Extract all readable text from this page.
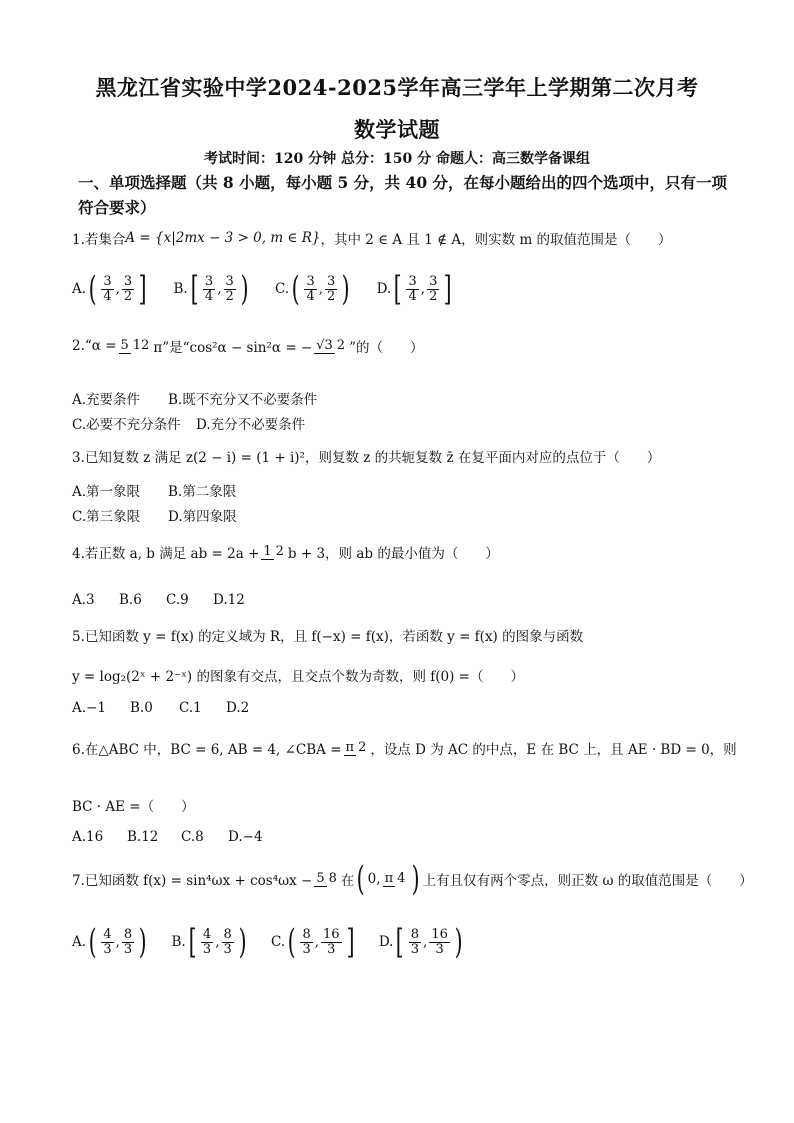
黑龙江省实验中学2024-2025学年高三学年上学期第二次月考
数学试题
考试时间：120 分钟 总分：150 分 命题人：高三数学备课组
一、单项选择题（共 8 小题，每小题 5 分，共 40 分，在每小题给出的四个选项中，只有一项符合要求）
1.若集合 A = {x|2mx − 3 > 0, m ∈ R} ，其中 2 ∈ A 且 1 ∉ A，则实数 m 的取值范围是（　　）
A. ( $\frac{3}{4}$ , $\frac{3}{2}$ ] B. [ $\frac{3}{4}$ , $\frac{3}{2}$ ) C. ( $\frac{3}{4}$ , $\frac{3}{2}$ ) D. [ $\frac{3}{4}$ , $\frac{3}{2}$ ]
2.“α = 5 12 π”是“cos²α − sin²α = − √3 2 ”的（　　）
A.充要条件	B.既不充分又不必要条件
C.必要不充分条件	D.充分不必要条件
3.已知复数 z 满足 z(2 − i) = (1 + i)²，则复数 z 的共轭复数 z̄ 在复平面内对应的点位于（　　）
A.第一象限	B.第二象限
C.第三象限	D.第四象限
4.若正数 a, b 满足 ab = 2a + 1 2 b + 3，则 ab 的最小值为（　　）
A.3	B.6	C.9	D.12
5.已知函数 y = f(x) 的定义域为 R，且 f(−x) = f(x)，若函数 y = f(x) 的图象与函数
y = log₂(2ˣ + 2⁻ˣ) 的图象有交点，且交点个数为奇数，则 f(0) =（　　）
A.−1	B.0	C.1	D.2
6.在△ABC 中，BC = 6, AB = 4, ∠CBA = π 2 ，设点 D 为 AC 的中点，E 在 BC 上，且 AE · BD = 0，则
BC · AE =（　　）
A.16	B.12	C.8	D.−4
7.已知函数 f(x) = sin⁴ωx + cos⁴ωx − 5 8 在 ( 0, π 4 ) 上有且仅有两个零点，则正数 ω 的取值范围是（　　）
A. ( $\frac{4}{3}$ , $\frac{8}{3}$ ) B. [ $\frac{4}{3}$ , $\frac{8}{3}$ ) C. ( $\frac{8}{3}$ , $\frac{16}{3}$ ] D. [ $\frac{8}{3}$ , $\frac{16}{3}$ )
